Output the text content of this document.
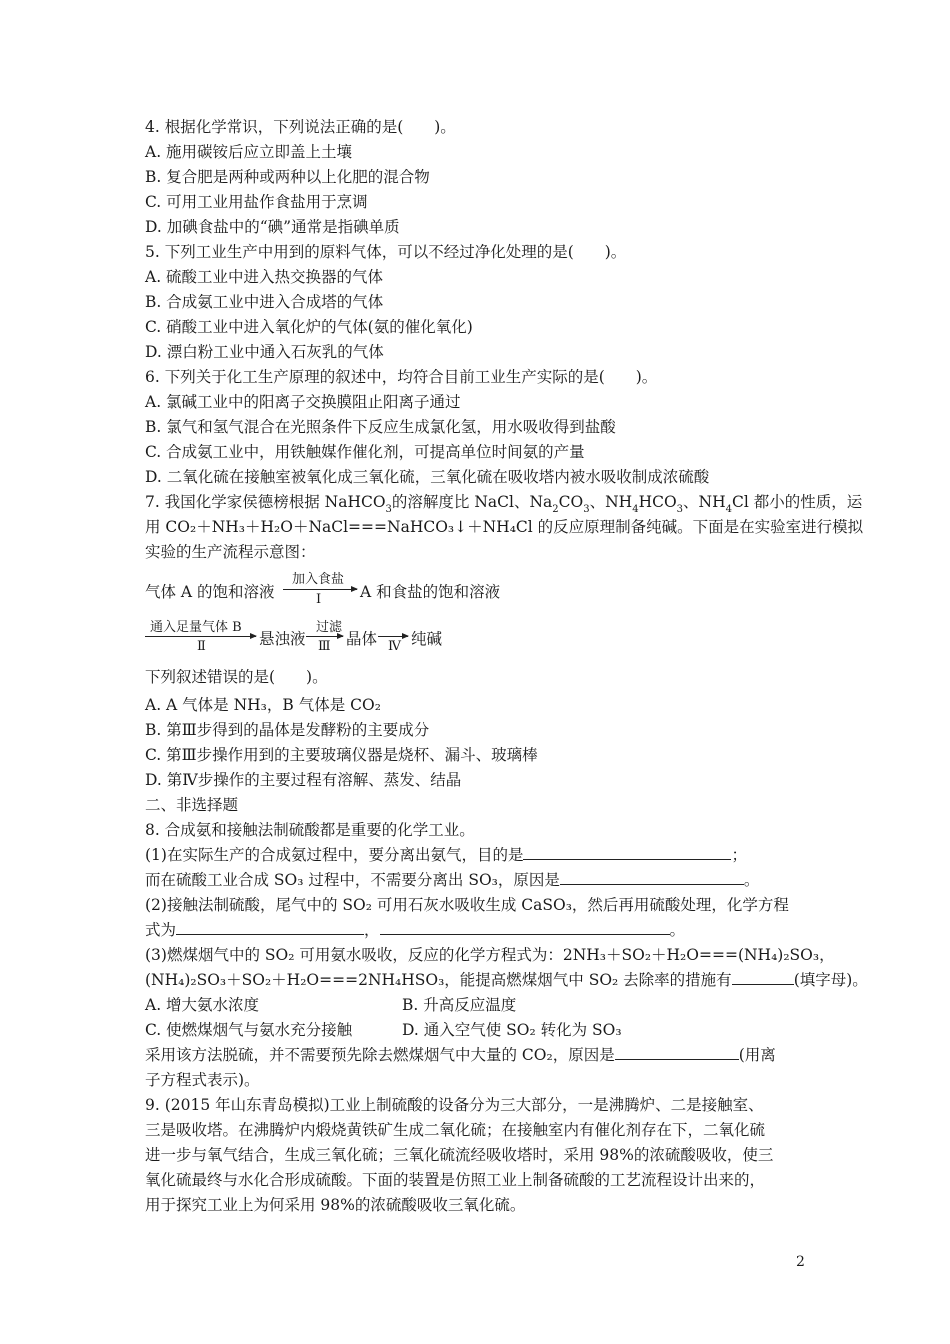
4. 根据化学常识，下列说法正确的是(　　)。
A. 施用碳铵后应立即盖上土壤
B. 复合肥是两种或两种以上化肥的混合物
C. 可用工业用盐作食盐用于烹调
D. 加碘食盐中的“碘”通常是指碘单质
5. 下列工业生产中用到的原料气体，可以不经过净化处理的是(　　)。
A. 硫酸工业中进入热交换器的气体
B. 合成氨工业中进入合成塔的气体
C. 硝酸工业中进入氧化炉的气体(氨的催化氧化)
D. 漂白粉工业中通入石灰乳的气体
6. 下列关于化工生产原理的叙述中，均符合目前工业生产实际的是(　　)。
A. 氯碱工业中的阳离子交换膜阻止阳离子通过
B. 氯气和氢气混合在光照条件下反应生成氯化氢，用水吸收得到盐酸
C. 合成氨工业中，用铁触媒作催化剂，可提高单位时间氨的产量
D. 二氧化硫在接触室被氧化成三氧化硫，三氧化硫在吸收塔内被水吸收制成浓硫酸
7. 我国化学家侯德榜根据 NaHCO$_3$的溶解度比 NaCl、$Na_2CO_3$、$NH_4HCO_3$、$NH_4Cl$ 都小的性质，运
用 CO₂＋NH₃＋H₂O＋NaCl===NaHCO₃↓＋NH₄Cl 的反应原理制备纯碱。下面是在实验室进行模拟
实验的生产流程示意图：
气体 A 的饱和溶液
加入食盐
Ⅰ	A 和食盐的饱和溶液
通入足量气体 B
Ⅱ	悬浊液
过滤
Ⅲ 晶体 Ⅳ 纯碱
下列叙述错误的是(　　)。
A. A 气体是 NH₃，B 气体是 CO₂
B. 第Ⅲ步得到的晶体是发酵粉的主要成分
C. 第Ⅲ步操作用到的主要玻璃仪器是烧杯、漏斗、玻璃棒
D. 第Ⅳ步操作的主要过程有溶解、蒸发、结晶
二、非选择题
8. 合成氨和接触法制硫酸都是重要的化学工业。
(1)在实际生产的合成氨过程中，要分离出氨气，目的是	；
而在硫酸工业合成 SO₃ 过程中，不需要分离出 SO₃，原因是	。
(2)接触法制硫酸，尾气中的 SO₂ 可用石灰水吸收生成 CaSO₃，然后再用硫酸处理，化学方程
式为	，	。
(3)燃煤烟气中的 SO₂ 可用氨水吸收，反应的化学方程式为：2NH₃＋SO₂＋H₂O===(NH₄)₂SO₃，
(NH₄)₂SO₃＋SO₂＋H₂O===2NH₄HSO₃，能提高燃煤烟气中 SO₂ 去除率的措施有	(填字母)。
A. 增大氨水浓度	B. 升高反应温度
C. 使燃煤烟气与氨水充分接触	D. 通入空气使 SO₂ 转化为 SO₃
采用该方法脱硫，并不需要预先除去燃煤烟气中大量的 CO₂，原因是	(用离
子方程式表示)。
9. (2015 年山东青岛模拟)工业上制硫酸的设备分为三大部分，一是沸腾炉、二是接触室、
三是吸收塔。在沸腾炉内煅烧黄铁矿生成二氧化硫；在接触室内有催化剂存在下，二氧化硫
进一步与氧气结合，生成三氧化硫；三氧化硫流经吸收塔时，采用 98%的浓硫酸吸收，使三
氧化硫最终与水化合形成硫酸。下面的装置是仿照工业上制备硫酸的工艺流程设计出来的，
用于探究工业上为何采用 98%的浓硫酸吸收三氧化硫。
2
